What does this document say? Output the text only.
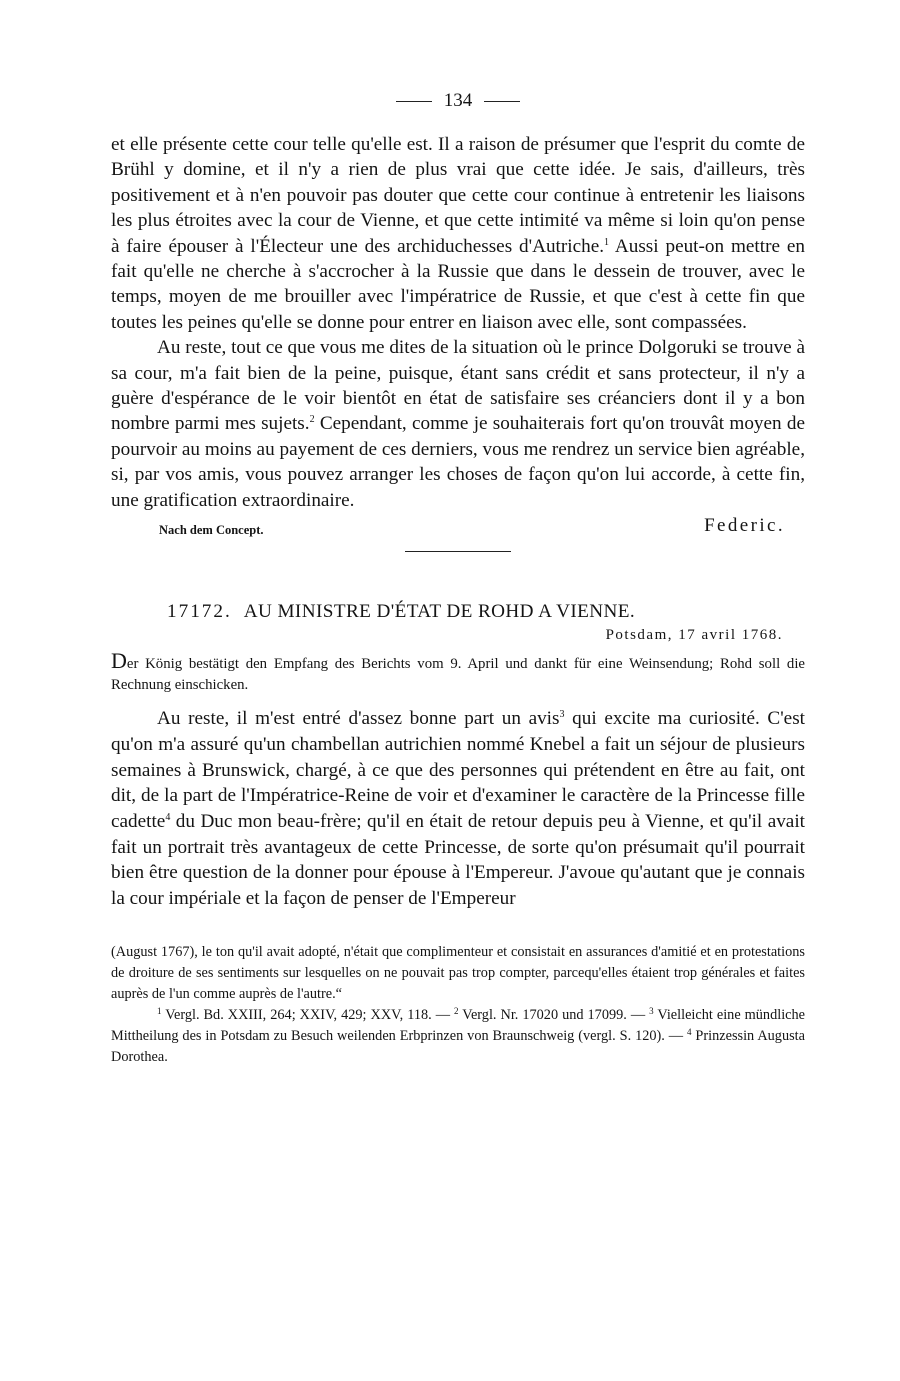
134

et elle présente cette cour telle qu'elle est. Il a raison de présumer que l'esprit du comte de Brühl y domine, et il n'y a rien de plus vrai que cette idée. Je sais, d'ailleurs, très positivement et à n'en pouvoir pas douter que cette cour continue à entretenir les liaisons les plus étroites avec la cour de Vienne, et que cette intimité va même si loin qu'on pense à faire épouser à l'Électeur une des archiduchesses d'Autriche.$^1$ Aussi peut-on mettre en fait qu'elle ne cherche à s'accrocher à la Russie que dans le dessein de trouver, avec le temps, moyen de me brouiller avec l'impératrice de Russie, et que c'est à cette fin que toutes les peines qu'elle se donne pour entrer en liaison avec elle, sont compassées.

Au reste, tout ce que vous me dites de la situation où le prince Dolgoruki se trouve à sa cour, m'a fait bien de la peine, puisque, étant sans crédit et sans protecteur, il n'y a guère d'espérance de le voir bientôt en état de satisfaire ses créanciers dont il y a bon nombre parmi mes sujets.$^2$ Cependant, comme je souhaiterais fort qu'on trouvât moyen de pourvoir au moins au payement de ces derniers, vous me rendrez un service bien agréable, si, par vos amis, vous pouvez arranger les choses de façon qu'on lui accorde, à cette fin, une gratification extraordinaire.

Nach dem Concept.	Federic.
17172. AU MINISTRE D'ÉTAT DE ROHD A VIENNE.
Potsdam, 17 avril 1768.
Der König bestätigt den Empfang des Berichts vom 9. April und dankt für eine Weinsendung; Rohd soll die Rechnung einschicken.

Au reste, il m'est entré d'assez bonne part un avis$^3$ qui excite ma curiosité. C'est qu'on m'a assuré qu'un chambellan autrichien nommé Knebel a fait un séjour de plusieurs semaines à Brunswick, chargé, à ce que des personnes qui prétendent en être au fait, ont dit, de la part de l'Impératrice-Reine de voir et d'examiner le caractère de la Princesse fille cadette$^4$ du Duc mon beau-frère; qu'il en était de retour depuis peu à Vienne, et qu'il avait fait un portrait très avantageux de cette Princesse, de sorte qu'on présumait qu'il pourrait bien être question de la donner pour épouse à l'Empereur. J'avoue qu'autant que je connais la cour impériale et la façon de penser de l'Empereur

(August 1767), le ton qu'il avait adopté, n'était que complimenteur et consistait en assurances d'amitié et en protestations de droiture de ses sentiments sur lesquelles on ne pouvait pas trop compter, parcequ'elles étaient trop générales et faites auprès de l'un comme auprès de l'autre.“

$^1$ Vergl. Bd. XXIII, 264; XXIV, 429; XXV, 118. — $^2$ Vergl. Nr. 17020 und 17099. — $^3$ Vielleicht eine mündliche Mittheilung des in Potsdam zu Besuch weilenden Erbprinzen von Braunschweig (vergl. S. 120). — $^4$ Prinzessin Augusta Dorothea.
